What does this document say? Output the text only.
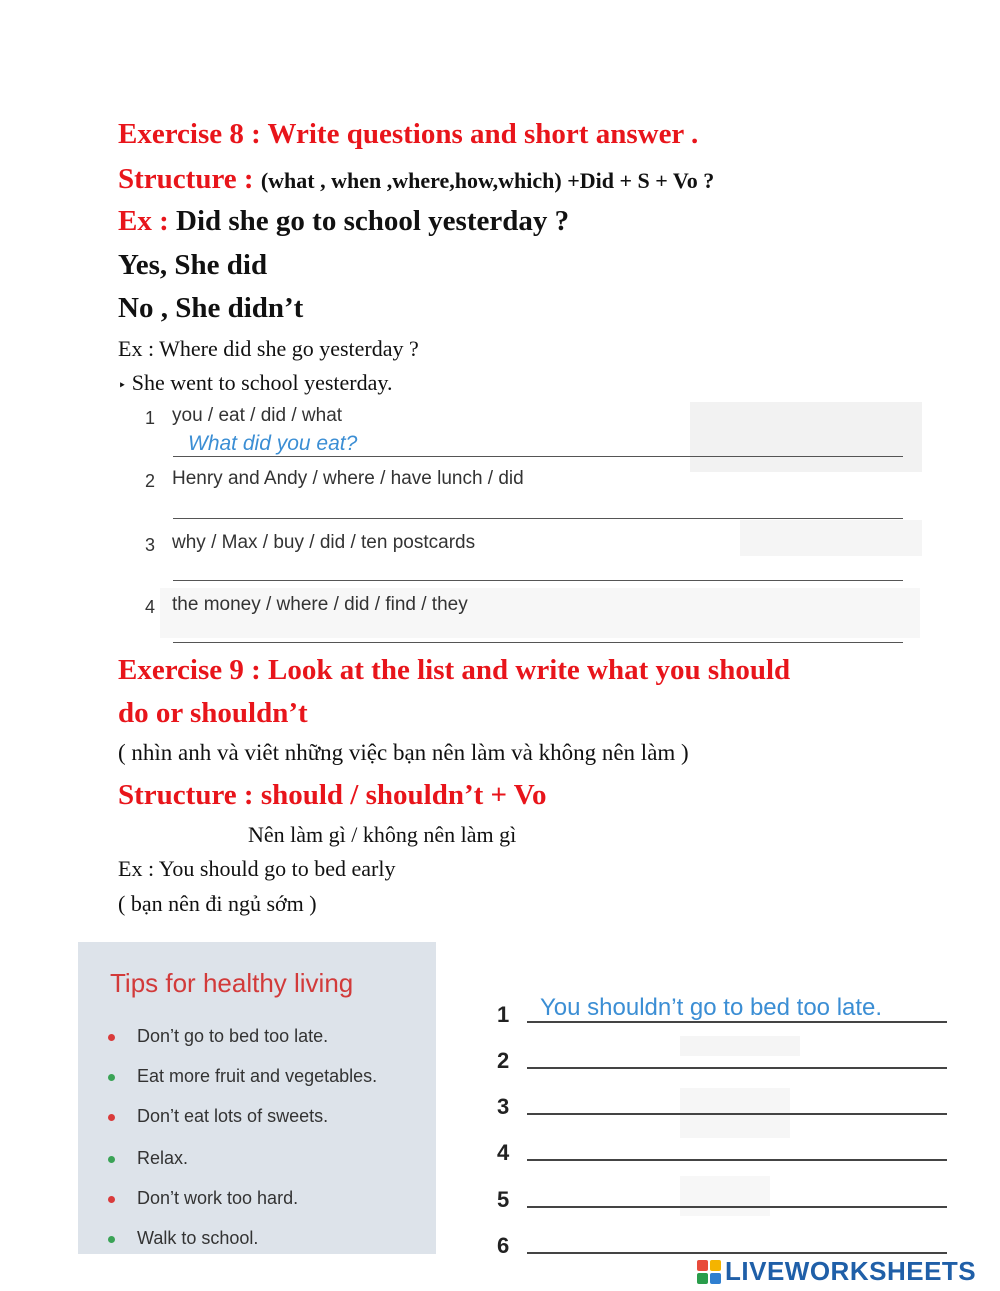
Exercise 8 : Write questions and short answer .
Structure : (what , when ,where,how,which) +Did + S + Vo ?
Ex : Did she go to school yesterday ?
Yes, She did
No , She didn’t
Ex : Where did she go yesterday ?
‣ She went to school yesterday.
1 you / eat / did / what
What did you eat?
2 Henry and Andy / where / have lunch / did
3 why / Max / buy / did / ten postcards
4 the money / where / did / find / they
Exercise 9 : Look at the list and write what you should
do or shouldn’t
( nhìn anh và viêt những việc bạn nên làm và không nên làm )
Structure : should / shouldn’t + Vo
Nên làm gì / không nên làm gì
Ex : You should go to bed early
( bạn nên đi ngủ sớm )
Tips for healthy living
Don’t go to bed too late.
Eat more fruit and vegetables.
Don’t eat lots of sweets.
Relax.
Don’t work too hard.
Walk to school.
1 You shouldn’t go to bed too late.
2
3
4
5
6
LIVEWORKSHEETS
